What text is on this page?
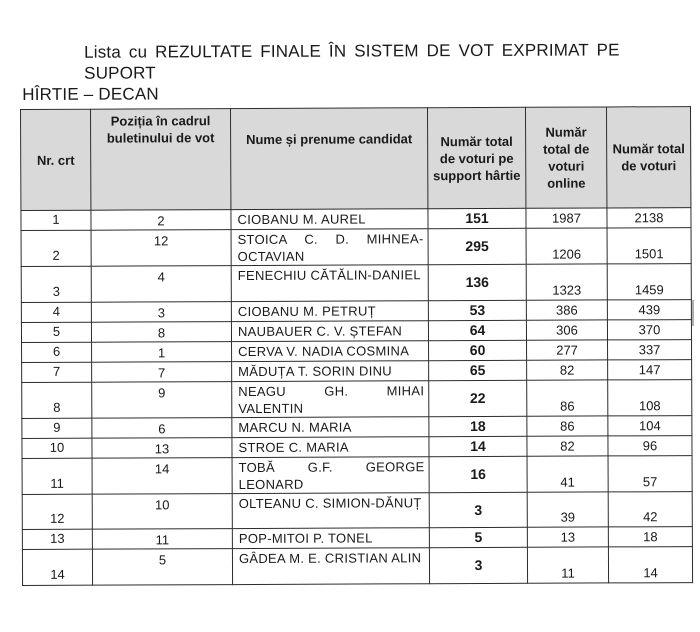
Lista cu REZULTATE FINALE ÎN SISTEM DE VOT EXPRIMAT PE SUPORT
HÎRTIE – DECAN
Nr. crt	Poziția în cadrul buletinului de vot	Nume și prenume candidat	Număr total de voturi pe support hârtie	Număr total de voturi online	Număr total de voturi
1	2	CIOBANU M. AUREL	151	1987	2138
2	12	STOICA C. D. MIHNEA-OCTAVIAN	295	1206	1501
3	4	FENECHIU CĂTĂLIN-DANIEL	136	1323	1459
4	3	CIOBANU M. PETRUȚ	53	386	439
5	8	NAUBAUER C. V. ȘTEFAN	64	306	370
6	1	CERVA V. NADIA COSMINA	60	277	337
7	7	MĂDUȚA T. SORIN DINU	65	82	147
8	9	NEAGU GH. MIHAI VALENTIN	22	86	108
9	6	MARCU N. MARIA	18	86	104
10	13	STROE C. MARIA	14	82	96
11	14	TOBĂ G.F. GEORGE LEONARD	16	41	57
12	10	OLTEANU C. SIMION-DĂNUȚ	3	39	42
13	11	POP-MITOI P. TONEL	5	13	18
14	5	GÂDEA M. E. CRISTIAN ALIN	3	11	14
